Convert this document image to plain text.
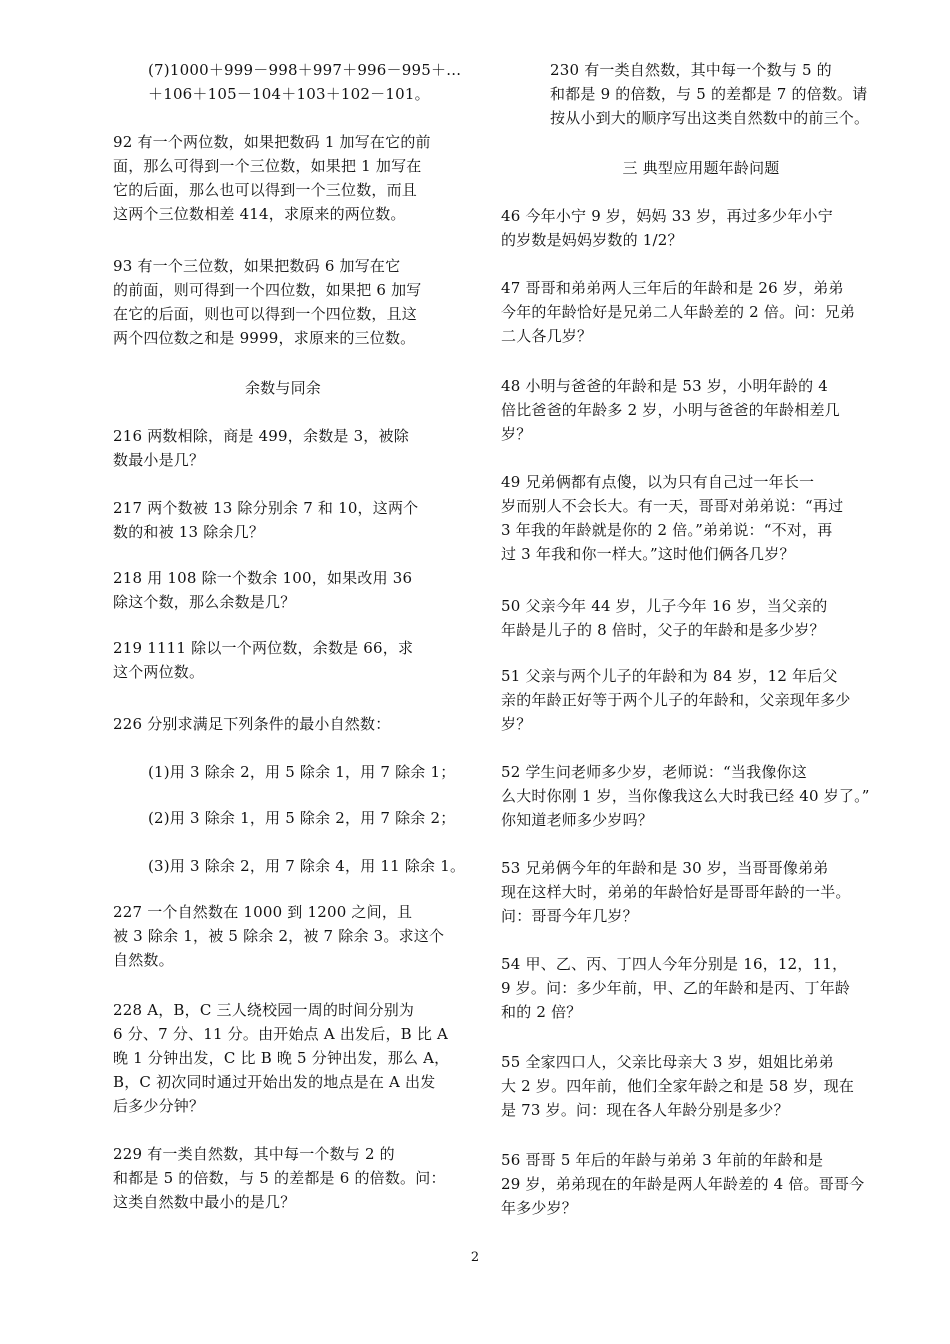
(7)1000＋999－998＋997＋996－995＋…
＋106＋105－104＋103＋102－101。

92 有一个两位数，如果把数码 1 加写在它的前
面，那么可得到一个三位数，如果把 1 加写在
它的后面，那么也可以得到一个三位数，而且
这两个三位数相差 414，求原来的两位数。

93 有一个三位数，如果把数码 6 加写在它
的前面，则可得到一个四位数，如果把 6 加写
在它的后面，则也可以得到一个四位数，且这
两个四位数之和是 9999，求原来的三位数。

余数与同余

216 两数相除，商是 499，余数是 3，被除
数最小是几？

217 两个数被 13 除分别余 7 和 10，这两个
数的和被 13 除余几？

218 用 108 除一个数余 100，如果改用 36
除这个数，那么余数是几？

219 1111 除以一个两位数，余数是 66，求
这个两位数。

226 分别求满足下列条件的最小自然数：

(1)用 3 除余 2，用 5 除余 1，用 7 除余 1；

(2)用 3 除余 1，用 5 除余 2，用 7 除余 2；

(3)用 3 除余 2，用 7 除余 4，用 11 除余 1。

227 一个自然数在 1000 到 1200 之间，且
被 3 除余 1，被 5 除余 2，被 7 除余 3。求这个
自然数。

228 A，B，C 三人绕校园一周的时间分别为
6 分、7 分、11 分。由开始点 A 出发后，B 比 A
晚 1 分钟出发，C 比 B 晚 5 分钟出发，那么 A，
B，C 初次同时通过开始出发的地点是在 A 出发
后多少分钟？

229 有一类自然数，其中每一个数与 2 的
和都是 5 的倍数，与 5 的差都是 6 的倍数。问：
这类自然数中最小的是几？

230 有一类自然数，其中每一个数与 5 的
和都是 9 的倍数，与 5 的差都是 7 的倍数。请
按从小到大的顺序写出这类自然数中的前三个。

三 典型应用题年龄问题

46 今年小宁 9 岁，妈妈 33 岁，再过多少年小宁
的岁数是妈妈岁数的 1/2？

47 哥哥和弟弟两人三年后的年龄和是 26 岁，弟弟
今年的年龄恰好是兄弟二人年龄差的 2 倍。问：兄弟
二人各几岁？

48 小明与爸爸的年龄和是 53 岁，小明年龄的 4
倍比爸爸的年龄多 2 岁，小明与爸爸的年龄相差几
岁？

49 兄弟俩都有点傻，以为只有自己过一年长一
岁而别人不会长大。有一天，哥哥对弟弟说：“再过
3 年我的年龄就是你的 2 倍。”弟弟说：“不对，再
过 3 年我和你一样大。”这时他们俩各几岁？

50 父亲今年 44 岁，儿子今年 16 岁，当父亲的
年龄是儿子的 8 倍时，父子的年龄和是多少岁？

51 父亲与两个儿子的年龄和为 84 岁，12 年后父
亲的年龄正好等于两个儿子的年龄和，父亲现年多少
岁？

52 学生问老师多少岁，老师说：“当我像你这
么大时你刚 1 岁，当你像我这么大时我已经 40 岁了。”
你知道老师多少岁吗？

53 兄弟俩今年的年龄和是 30 岁，当哥哥像弟弟
现在这样大时，弟弟的年龄恰好是哥哥年龄的一半。
问：哥哥今年几岁？

54 甲、乙、丙、丁四人今年分别是 16，12，11，
9 岁。问：多少年前，甲、乙的年龄和是丙、丁年龄
和的 2 倍？

55 全家四口人，父亲比母亲大 3 岁，姐姐比弟弟
大 2 岁。四年前，他们全家年龄之和是 58 岁，现在
是 73 岁。问：现在各人年龄分别是多少？

56 哥哥 5 年后的年龄与弟弟 3 年前的年龄和是
29 岁，弟弟现在的年龄是两人年龄差的 4 倍。哥哥今
年多少岁？

2
